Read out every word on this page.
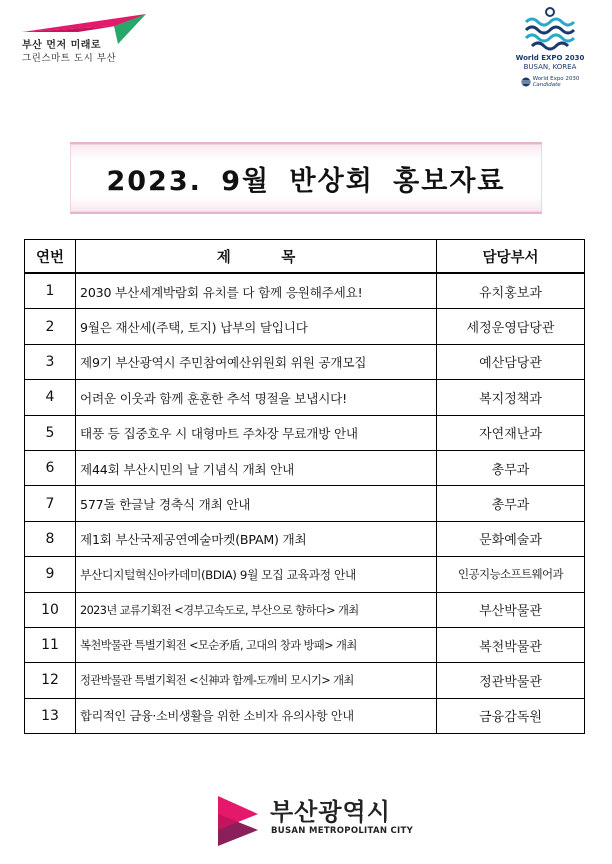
부산 먼저 미래로
그린스마트 도시 부산	World EXPO 2030
BUSAN, KOREA
World Expo 2030
Candidate
2023. 9월 반상회 홍보자료
연번	제          목	담당부서
1	2030 부산세계박람회 유치를 다 함께 응원해주세요!	유치홍보과
2	9월은 재산세(주택, 토지) 납부의 달입니다	세정운영담당관
3	제9기 부산광역시 주민참여예산위원회 위원 공개모집	예산담당관
4	어려운 이웃과 함께 훈훈한 추석 명절을 보냅시다!	복지정책과
5	태풍 등 집중호우 시 대형마트 주차장 무료개방 안내	자연재난과
6	제44회 부산시민의 날 기념식 개최 안내	총무과
7	577돌 한글날 경축식 개최 안내	총무과
8	제1회 부산국제공연예술마켓(BPAM) 개최	문화예술과
9	부산디지털혁신아카데미(BDIA) 9월 모집 교육과정 안내	인공지능소프트웨어과
10	2023년 교류기획전 <경부고속도로, 부산으로 향하다> 개최	부산박물관
11	복천박물관 특별기획전 <모순矛盾, 고대의 창과 방패> 개최	복천박물관
12	정관박물관 특별기획전 <신神과 함께-도깨비 모시기> 개최	정관박물관
13	합리적인 금융·소비생활을 위한 소비자 유의사항 안내	금융감독원
부산광역시
BUSAN METROPOLITAN CITY
